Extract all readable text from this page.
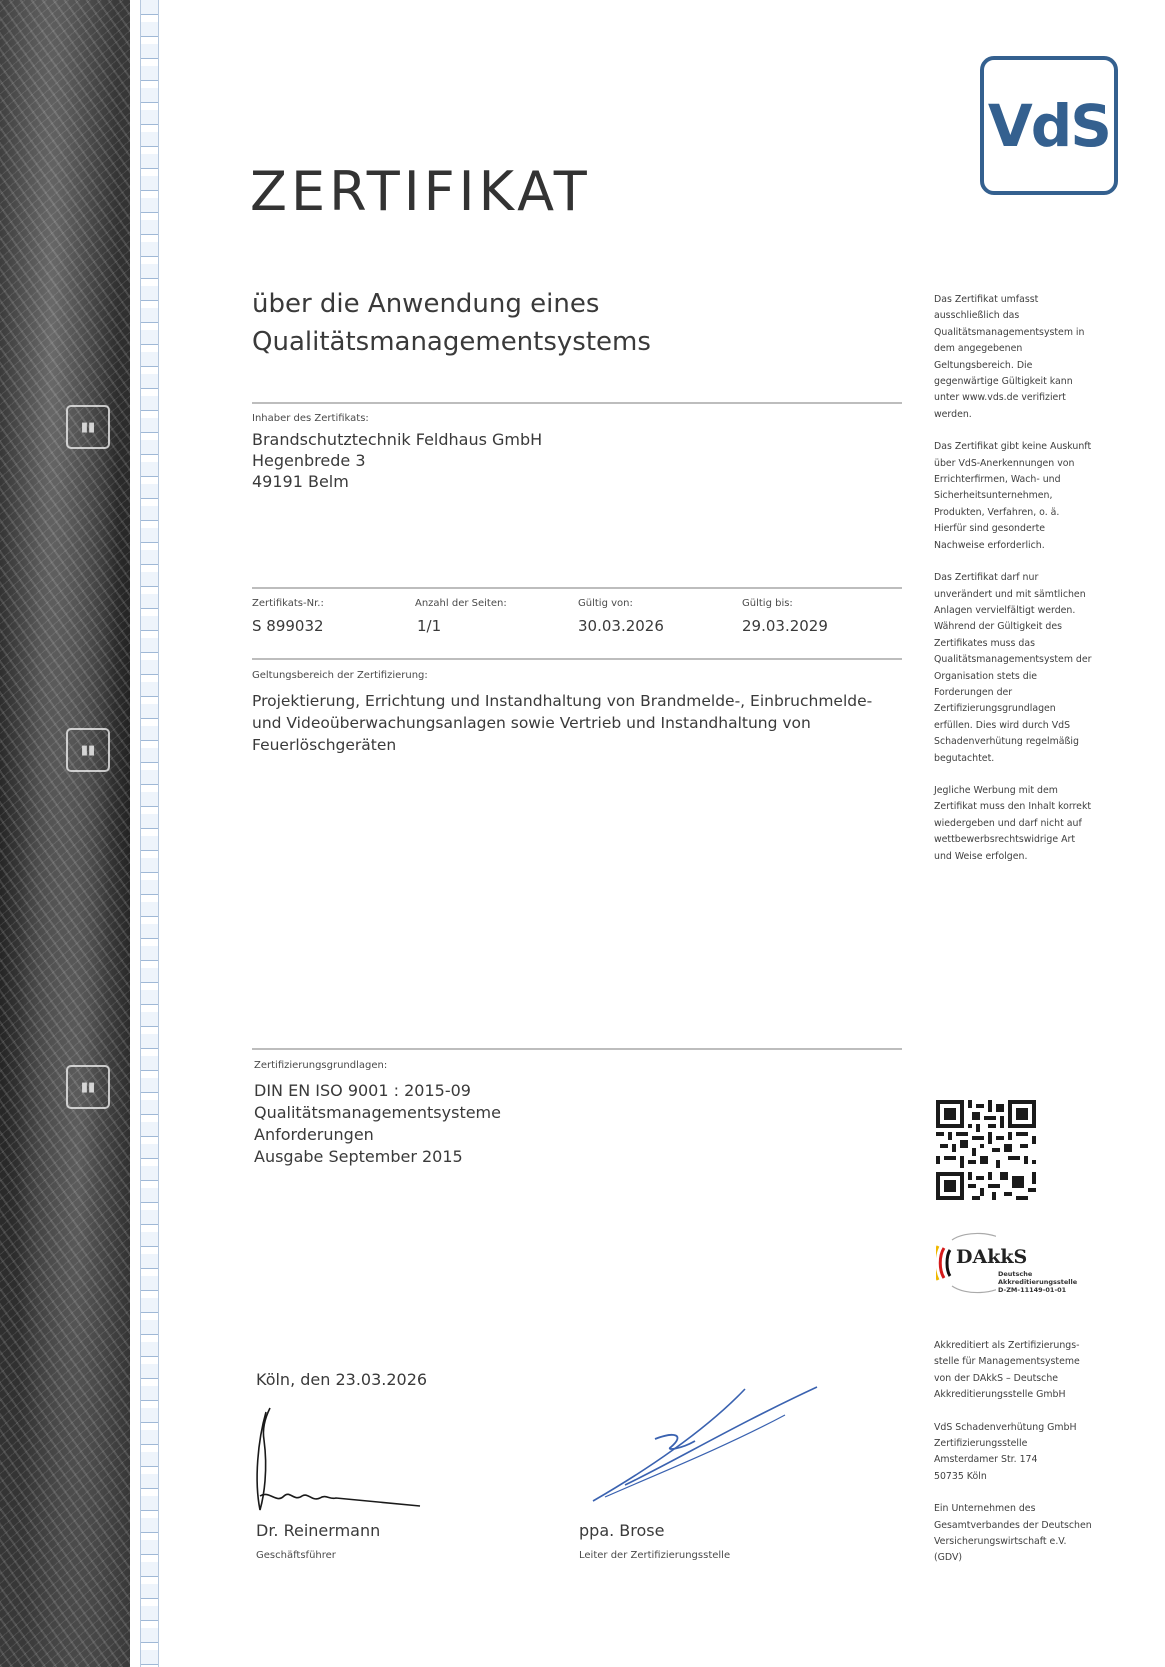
▮▮
▮▮
▮▮
VdS
ZERTIFIKAT
über die Anwendung eines
Qualitätsmanagementsystems
Inhaber des Zertifikats:
Brandschutztechnik Feldhaus GmbH
Hegenbrede 3
49191 Belm
Zertifikats-Nr.:
S 899032
Anzahl der Seiten:
1/1
Gültig von:
30.03.2026
Gültig bis:
29.03.2029
Geltungsbereich der Zertifizierung:

Projektierung, Errichtung und Instandhaltung von Brandmelde-, Einbruchmelde- und Videoüberwachungsanlagen sowie Vertrieb und Instandhaltung von Feuerlöschgeräten

Zertifizierungsgrundlagen:
DIN EN ISO 9001 : 2015-09
Qualitätsmanagementsysteme
Anforderungen
Ausgabe September 2015
Köln, den 23.03.2026
Dr. Reinermann
Geschäftsführer
ppa. Brose
Leiter der Zertifizierungsstelle

Das Zertifikat umfasst
ausschließlich das
Qualitätsmanagementsystem in
dem angegebenen
Geltungsbereich. Die
gegenwärtige Gültigkeit kann
unter www.vds.de verifiziert
werden.

Das Zertifikat gibt keine Auskunft
über VdS-Anerkennungen von
Errichterfirmen, Wach- und
Sicherheitsunternehmen,
Produkten, Verfahren, o. ä.
Hierfür sind gesonderte
Nachweise erforderlich.

Das Zertifikat darf nur
unverändert und mit sämtlichen
Anlagen vervielfältigt werden.
Während der Gültigkeit des
Zertifikates muss das
Qualitätsmanagementsystem der
Organisation stets die
Forderungen der
Zertifizierungsgrundlagen
erfüllen. Dies wird durch VdS
Schadenverhütung regelmäßig
begutachtet.

Jegliche Werbung mit dem
Zertifikat muss den Inhalt korrekt
wiedergeben und darf nicht auf
wettbewerbsrechtswidrige Art
und Weise erfolgen.

DAkkS
Deutsche
Akkreditierungsstelle
D-ZM-11149-01-01

Akkreditiert als Zertifizierungs-
stelle für Managementsysteme
von der DAkkS – Deutsche
Akkreditierungsstelle GmbH

VdS Schadenverhütung GmbH
Zertifizierungsstelle
Amsterdamer Str. 174
50735 Köln

Ein Unternehmen des
Gesamtverbandes der Deutschen
Versicherungswirtschaft e.V.
(GDV)
